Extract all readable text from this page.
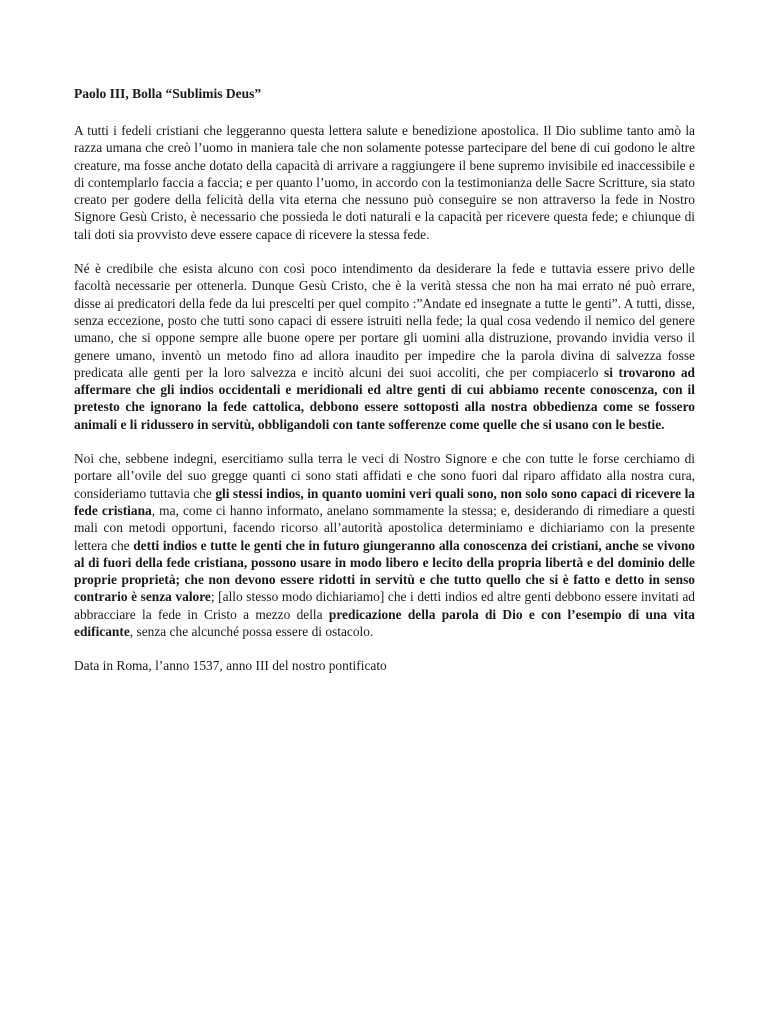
Paolo III, Bolla “Sublimis Deus”
A tutti i fedeli cristiani che leggeranno questa lettera salute e benedizione apostolica. Il Dio sublime tanto amò la razza umana che creò l’uomo in maniera tale che non solamente potesse partecipare del bene di cui godono le altre creature, ma fosse anche dotato della capacità di arrivare a raggiungere il bene supremo invisibile ed inaccessibile e di contemplarlo faccia a faccia; e per quanto l’uomo, in accordo con la testimonianza delle Sacre Scritture, sia stato creato per godere della felicità della vita eterna che nessuno può conseguire se non attraverso la fede in Nostro Signore Gesù Cristo, è necessario che possieda le doti naturali e la capacità per ricevere questa fede; e chiunque di tali doti sia provvisto deve essere capace di ricevere la stessa fede.
Né è credibile che esista alcuno con così poco intendimento da desiderare la fede e tuttavia essere privo delle facoltà necessarie per ottenerla. Dunque Gesù Cristo, che è la verità stessa che non ha mai errato né può errare, disse ai predicatori della fede da lui prescelti per quel compito :”Andate ed insegnate a tutte le genti”. A tutti, disse, senza eccezione, posto che tutti sono capaci di essere istruiti nella fede; la qual cosa vedendo il nemico del genere umano, che si oppone sempre alle buone opere per portare gli uomini alla distruzione, provando invidia verso il genere umano, inventò un metodo fino ad allora inaudito per impedire che la parola divina di salvezza fosse predicata alle genti per la loro salvezza e incitò alcuni dei suoi accoliti, che per compiacerlo si trovarono ad affermare che gli indios occidentali e meridionali ed altre genti di cui abbiamo recente conoscenza, con il pretesto che ignorano la fede cattolica, debbono essere sottoposti alla nostra obbedienza come se fossero animali e li ridussero in servitù, obbligandoli con tante sofferenze come quelle che si usano con le bestie.
Noi che, sebbene indegni, esercitiamo sulla terra le veci di Nostro Signore e che con tutte le forse cerchiamo di portare all’ovile del suo gregge quanti ci sono stati affidati e che sono fuori dal riparo affidato alla nostra cura, consideriamo tuttavia che gli stessi indios, in quanto uomini veri quali sono, non solo sono capaci di ricevere la fede cristiana, ma, come ci hanno informato, anelano sommamente la stessa; e, desiderando di rimediare a questi mali con metodi opportuni, facendo ricorso all’autorità apostolica determiniamo e dichiariamo con la presente lettera che detti indios e tutte le genti che in futuro giungeranno alla conoscenza dei cristiani, anche se vivono al di fuori della fede cristiana, possono usare in modo libero e lecito della propria libertà e del dominio delle proprie proprietà; che non devono essere ridotti in servitù e che tutto quello che si è fatto e detto in senso contrario è senza valore; [allo stesso modo dichiariamo] che i detti indios ed altre genti debbono essere invitati ad abbracciare la fede in Cristo a mezzo della predicazione della parola di Dio e con l’esempio di una vita edificante, senza che alcunché possa essere di ostacolo.
Data in Roma, l’anno 1537, anno III del nostro pontificato
